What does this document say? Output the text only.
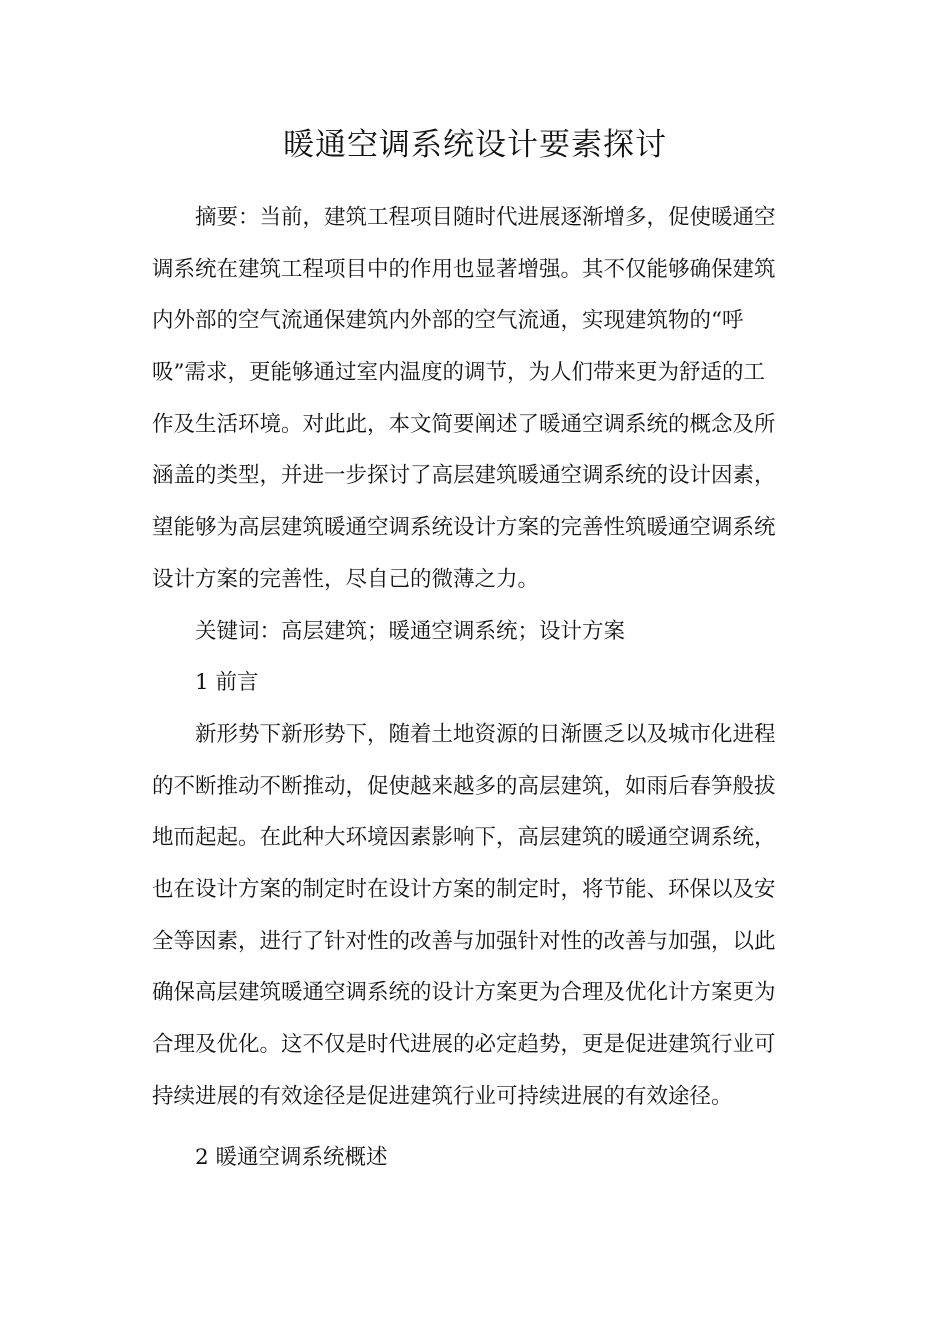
暖通空调系统设计要素探讨
摘要：当前，建筑工程项目随时代进展逐渐增多，促使暖通空
调系统在建筑工程项目中的作用也显著增强。其不仅能够确保建筑
内外部的空气流通保建筑内外部的空气流通，实现建筑物的“呼
吸”需求，更能够通过室内温度的调节，为人们带来更为舒适的工
作及生活环境。对此此，本文简要阐述了暖通空调系统的概念及所
涵盖的类型，并进一步探讨了高层建筑暖通空调系统的设计因素，
望能够为高层建筑暖通空调系统设计方案的完善性筑暖通空调系统
设计方案的完善性，尽自己的微薄之力。
关键词：高层建筑；暖通空调系统；设计方案
1 前言
新形势下新形势下，随着土地资源的日渐匮乏以及城市化进程
的不断推动不断推动，促使越来越多的高层建筑，如雨后春笋般拔
地而起起。在此种大环境因素影响下，高层建筑的暖通空调系统，
也在设计方案的制定时在设计方案的制定时，将节能、环保以及安
全等因素，进行了针对性的改善与加强针对性的改善与加强，以此
确保高层建筑暖通空调系统的设计方案更为合理及优化计方案更为
合理及优化。这不仅是时代进展的必定趋势，更是促进建筑行业可
持续进展的有效途径是促进建筑行业可持续进展的有效途径。
2 暖通空调系统概述
